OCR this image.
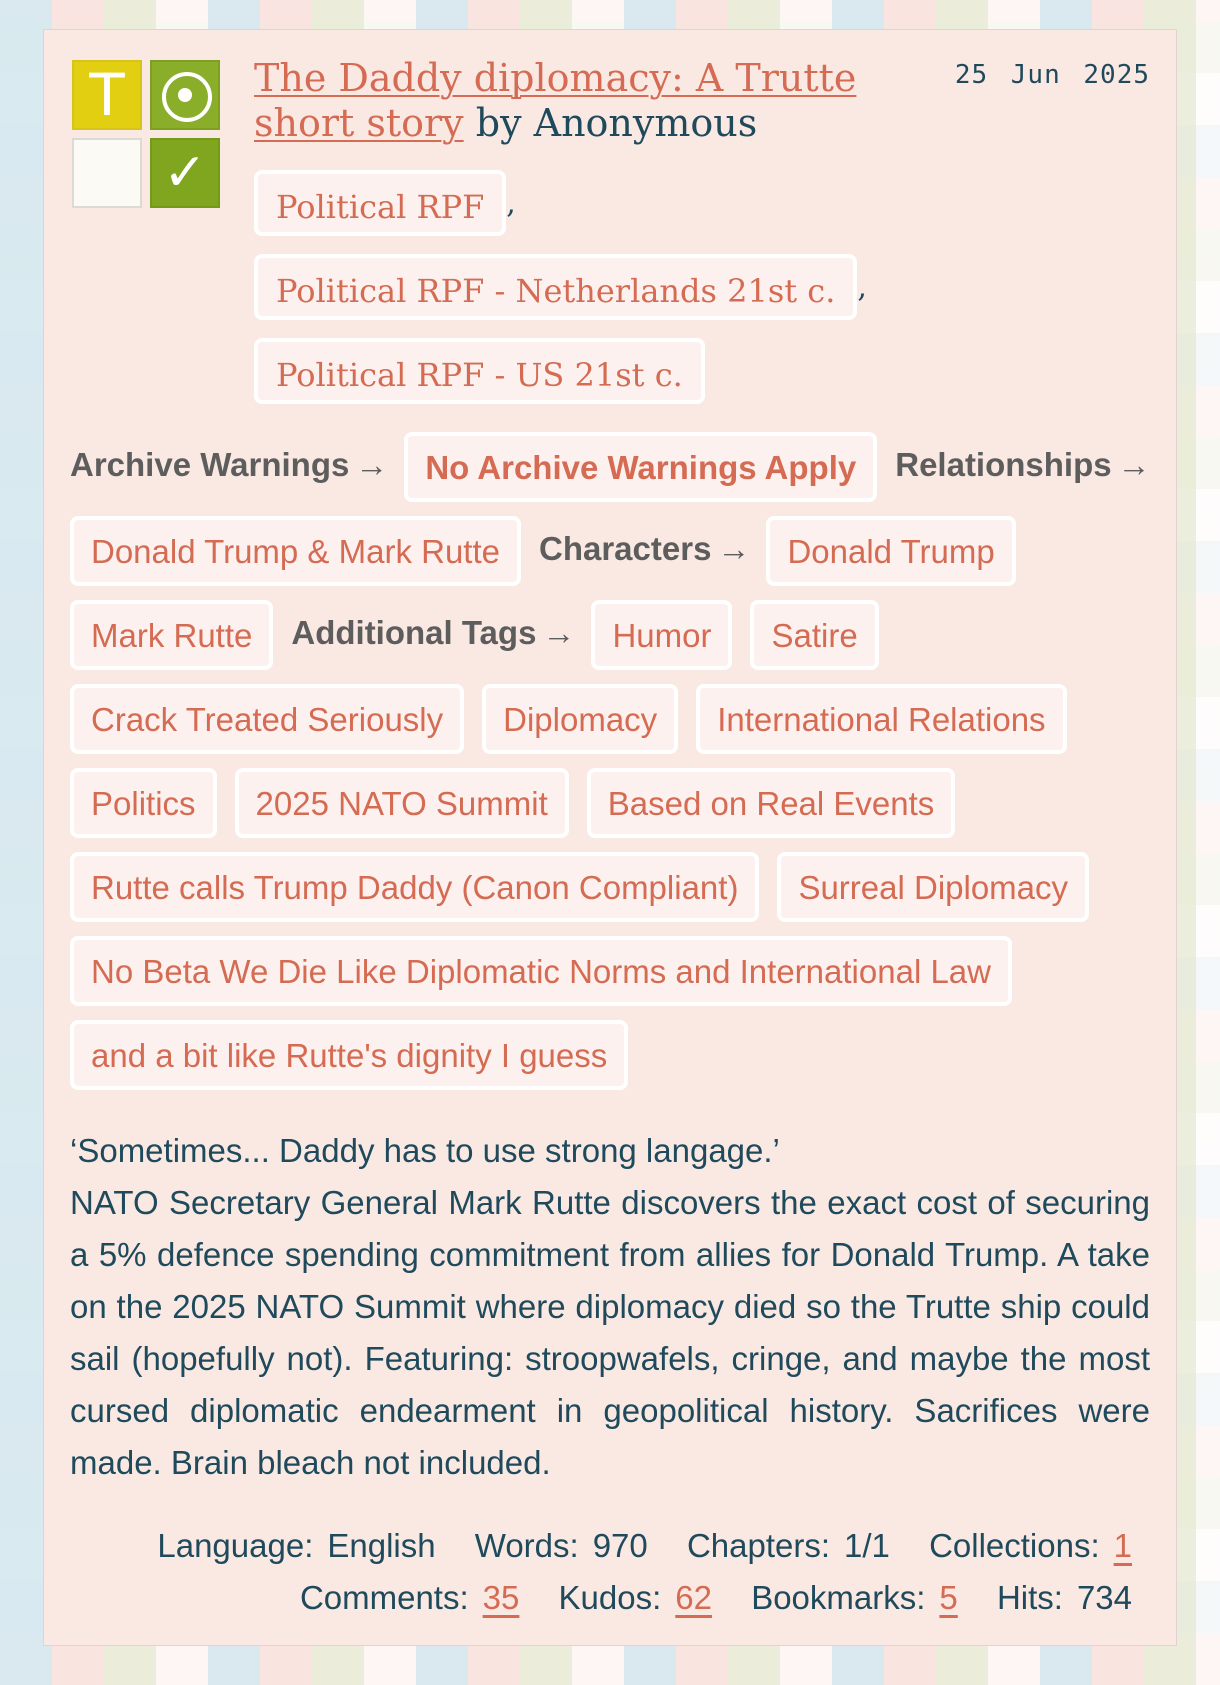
T
✓
The Daddy diplomacy: A Trutte short story by Anonymous
25 Jun 2025
Political RPF ,
Political RPF - Netherlands 21st c. ,
Political RPF - US 21st c.
Archive Warnings →	No Archive Warnings Apply	Relationships →
Donald Trump & Mark Rutte	Characters →	Donald Trump
Mark Rutte	Additional Tags →	Humor	Satire
Crack Treated Seriously	Diplomacy	International Relations
Politics	2025 NATO Summit	Based on Real Events
Rutte calls Trump Daddy (Canon Compliant)	Surreal Diplomacy
No Beta We Die Like Diplomatic Norms and International Law
and a bit like Rutte's dignity I guess

‘Sometimes... Daddy has to use strong langage.’

NATO Secretary General Mark Rutte discovers the exact cost of securing a 5% defence spending commitment from allies for Donald Trump. A take on the 2025 NATO Summit where diplomacy died so the Trutte ship could sail (hopefully not). Featuring: stroopwafels, cringe, and maybe the most cursed diplomatic endearment in geopolitical history. Sacrifices were made. Brain bleach not included.

Language: English Words: 970 Chapters: 1/1 Collections: 1
Comments: 35 Kudos: 62 Bookmarks: 5 Hits: 734
